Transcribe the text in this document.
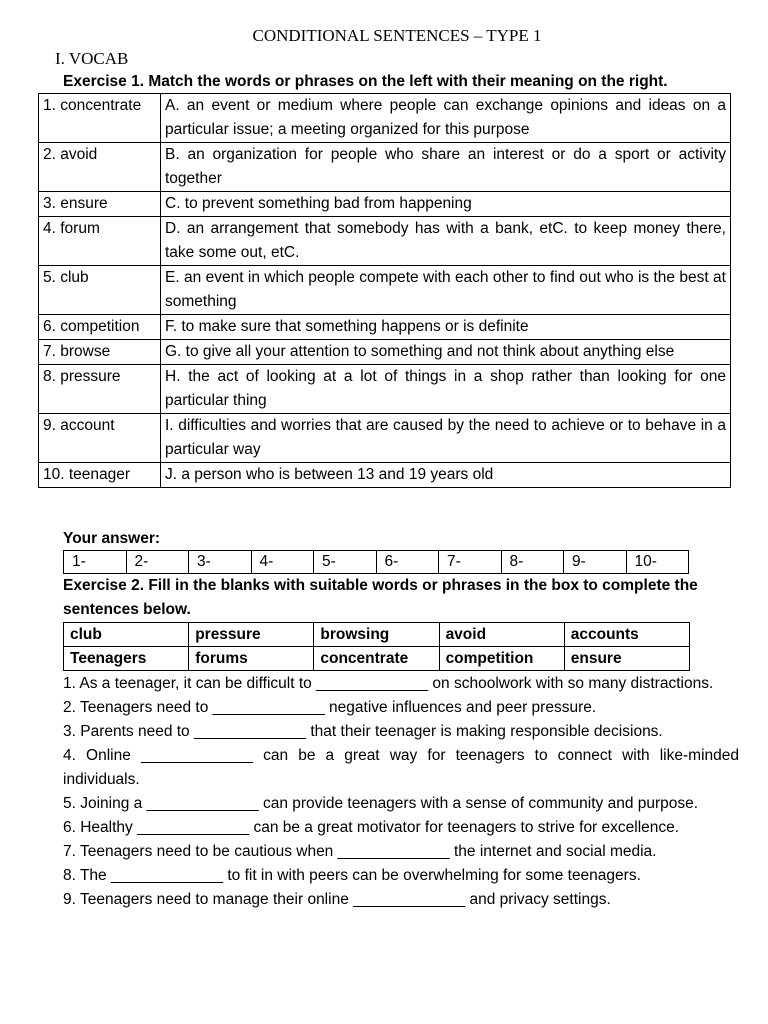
CONDITIONAL SENTENCES – TYPE 1
I. VOCAB
Exercise 1. Match the words or phrases on the left with their meaning on the right.
1. concentrate	A. an event or medium where people can exchange opinions and ideas on a particular issue; a meeting organized for this purpose
2. avoid	B. an organization for people who share an interest or do a sport or activity together
3. ensure	C. to prevent something bad from happening
4. forum	D. an arrangement that somebody has with a bank, etC. to keep money there, take some out, etC.
5. club	E. an event in which people compete with each other to find out who is the best at something
6. competition	F. to make sure that something happens or is definite
7. browse	G. to give all your attention to something and not think about anything else
8. pressure	H. the act of looking at a lot of things in a shop rather than looking for one particular thing
9. account	I. difficulties and worries that are caused by the need to achieve or to behave in a particular way
10. teenager	J. a person who is between 13 and 19 years old
Your answer:
1-	2-	3-	4-	5-	6-	7-	8-	9-	10-
Exercise 2. Fill in the blanks with suitable words or phrases in the box to complete the sentences below.
club	pressure	browsing	avoid	accounts
Teenagers	forums	concentrate	competition	ensure
1. As a teenager, it can be difficult to _____________ on schoolwork with so many distractions.
2. Teenagers need to _____________ negative influences and peer pressure.
3. Parents need to _____________ that their teenager is making responsible decisions.
4. Online _____________ can be a great way for teenagers to connect with like-minded individuals.
5. Joining a _____________ can provide teenagers with a sense of community and purpose.
6. Healthy _____________ can be a great motivator for teenagers to strive for excellence.
7. Teenagers need to be cautious when _____________ the internet and social media.
8. The _____________ to fit in with peers can be overwhelming for some teenagers.
9. Teenagers need to manage their online _____________ and privacy settings.
